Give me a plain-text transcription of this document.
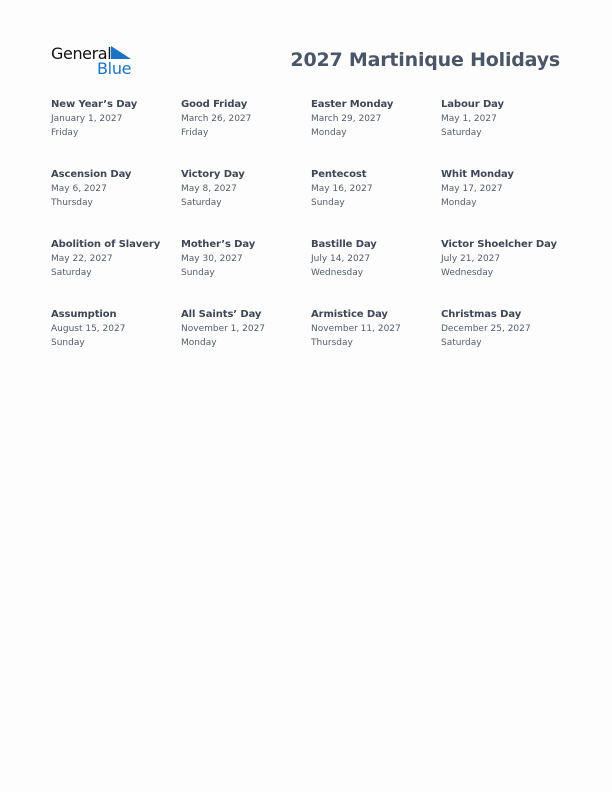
General
Blue	2027 Martinique Holidays
New Year’s Day
January 1, 2027
Friday
Good Friday
March 26, 2027
Friday
Easter Monday
March 29, 2027
Monday
Labour Day
May 1, 2027
Saturday
Ascension Day
May 6, 2027
Thursday
Victory Day
May 8, 2027
Saturday
Pentecost
May 16, 2027
Sunday
Whit Monday
May 17, 2027
Monday
Abolition of Slavery
May 22, 2027
Saturday
Mother’s Day
May 30, 2027
Sunday
Bastille Day
July 14, 2027
Wednesday
Victor Shoelcher Day
July 21, 2027
Wednesday
Assumption
August 15, 2027
Sunday
All Saints’ Day
November 1, 2027
Monday
Armistice Day
November 11, 2027
Thursday
Christmas Day
December 25, 2027
Saturday
